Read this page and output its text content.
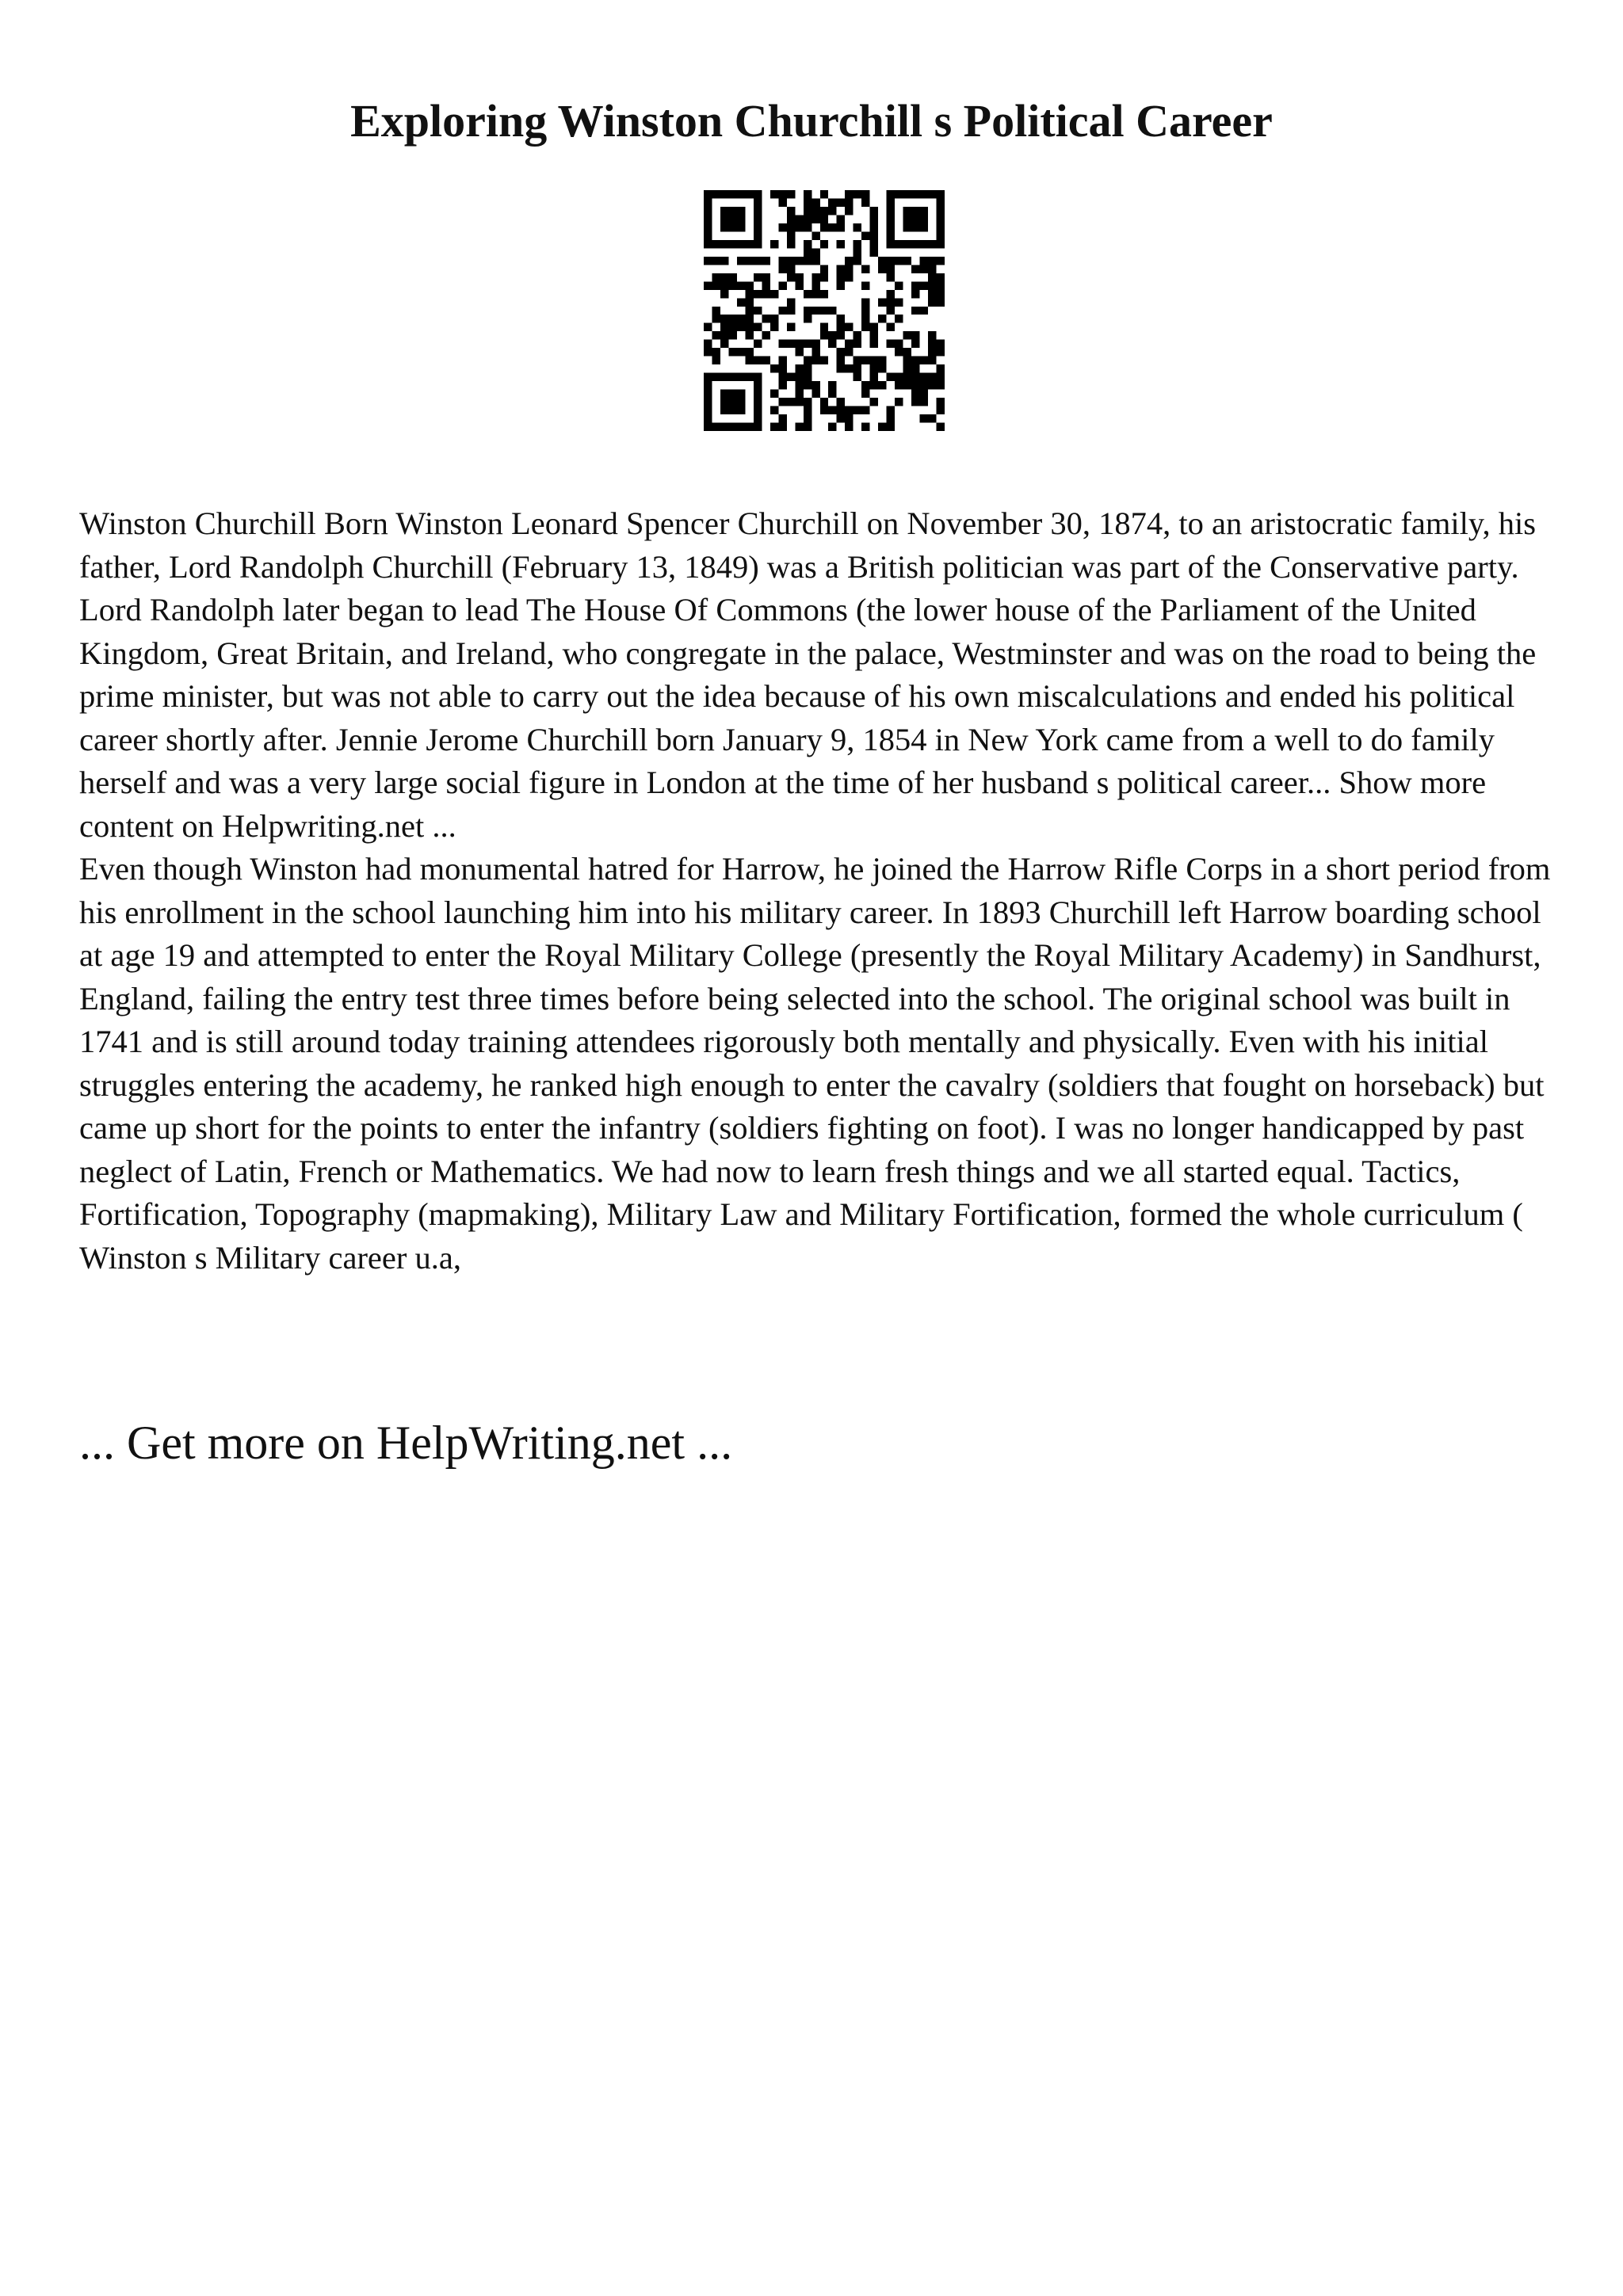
Exploring Winston Churchill s Political Career

Winston Churchill Born Winston Leonard Spencer Churchill on November 30, 1874, to an aristocratic family, his father, Lord Randolph Churchill (February 13, 1849) was a British politician was part of the Conservative party. Lord Randolph later began to lead The House Of Commons (the lower house of the Parliament of the United Kingdom, Great Britain, and Ireland, who congregate in the palace, Westminster and was on the road to being the prime minister, but was not able to carry out the idea because of his own miscalculations and ended his political career shortly after. Jennie Jerome Churchill born January 9, 1854 in New York came from a well to do family herself and was a very large social figure in London at the time of her husband s political career... Show more content on Helpwriting.net ...

Even though Winston had monumental hatred for Harrow, he joined the Harrow Rifle Corps in a short period from his enrollment in the school launching him into his military career. In 1893 Churchill left Harrow boarding school at age 19 and attempted to enter the Royal Military College (presently the Royal Military Academy) in Sandhurst, England, failing the entry test three times before being selected into the school. The original school was built in 1741 and is still around today training attendees rigorously both mentally and physically. Even with his initial struggles entering the academy, he ranked high enough to enter the cavalry (soldiers that fought on horseback) but came up short for the points to enter the infantry (soldiers fighting on foot). I was no longer handicapped by past neglect of Latin, French or Mathematics. We had now to learn fresh things and we all started equal. Tactics, Fortification, Topography (mapmaking), Military Law and Military Fortification, formed the whole curriculum ( Winston s Military career u.a,

... Get more on HelpWriting.net ...
